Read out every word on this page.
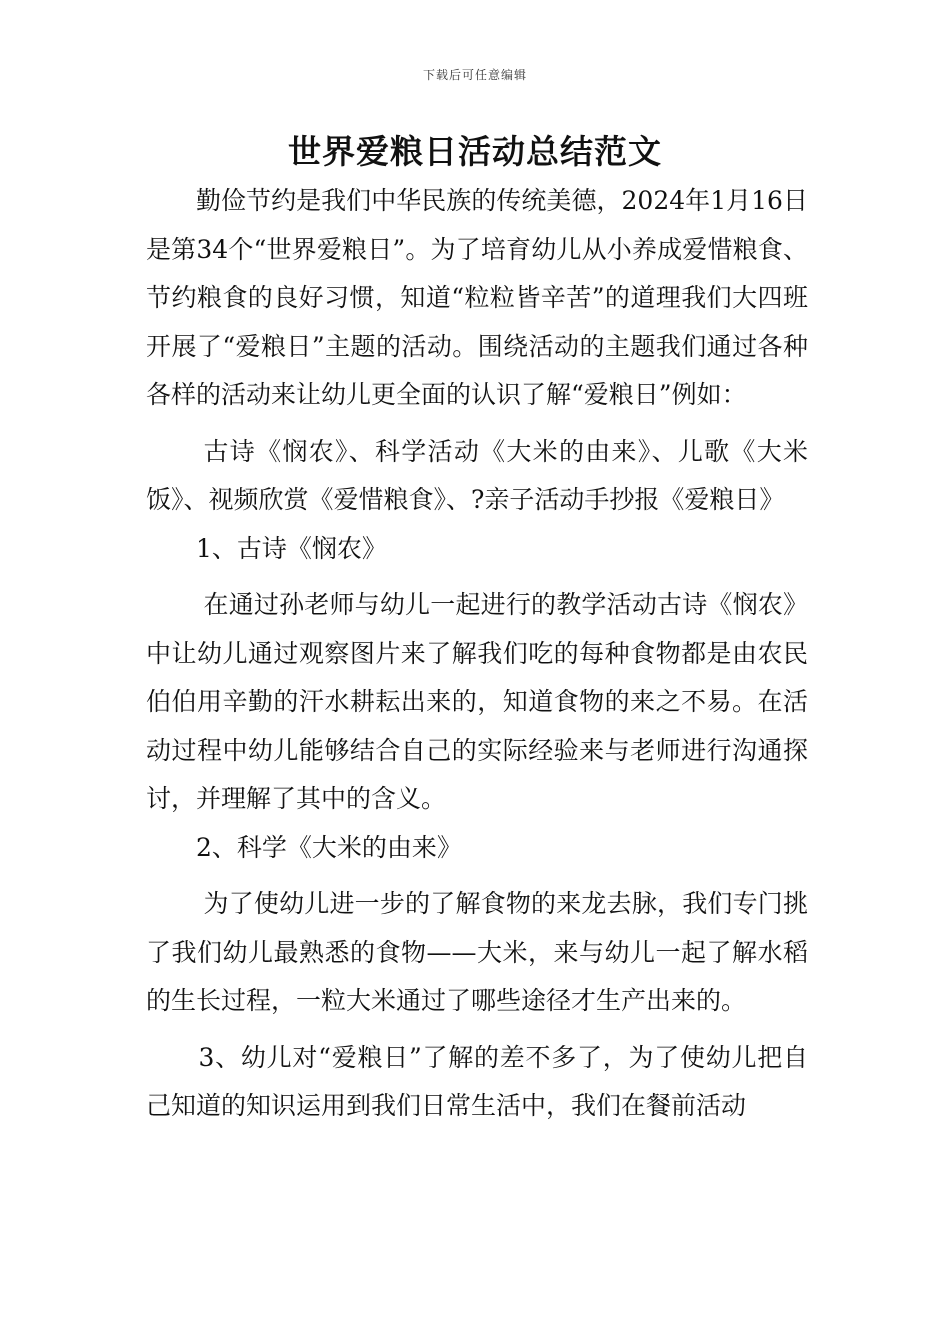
下载后可任意编辑
世界爱粮日活动总结范文

勤俭节约是我们中华民族的传统美德，2024年1月16日是第34个“世界爱粮日”。为了培育幼儿从小养成爱惜粮食、节约粮食的良好习惯，知道“粒粒皆辛苦”的道理我们大四班开展了“爱粮日”主题的活动。围绕活动的主题我们通过各种各样的活动来让幼儿更全面的认识了解“爱粮日”例如：

古诗《悯农》、科学活动《大米的由来》、儿歌《大米饭》、视频欣赏《爱惜粮食》、?亲子活动手抄报《爱粮日》

1、古诗《悯农》

在通过孙老师与幼儿一起进行的教学活动古诗《悯农》中让幼儿通过观察图片来了解我们吃的每种食物都是由农民伯伯用辛勤的汗水耕耘出来的，知道食物的来之不易。在活动过程中幼儿能够结合自己的实际经验来与老师进行沟通探讨，并理解了其中的含义。

2、科学《大米的由来》

为了使幼儿进一步的了解食物的来龙去脉，我们专门挑了我们幼儿最熟悉的食物——大米，来与幼儿一起了解水稻的生长过程，一粒大米通过了哪些途径才生产出来的。

3、幼儿对“爱粮日”了解的差不多了，为了使幼儿把自己知道的知识运用到我们日常生活中，我们在餐前活动
